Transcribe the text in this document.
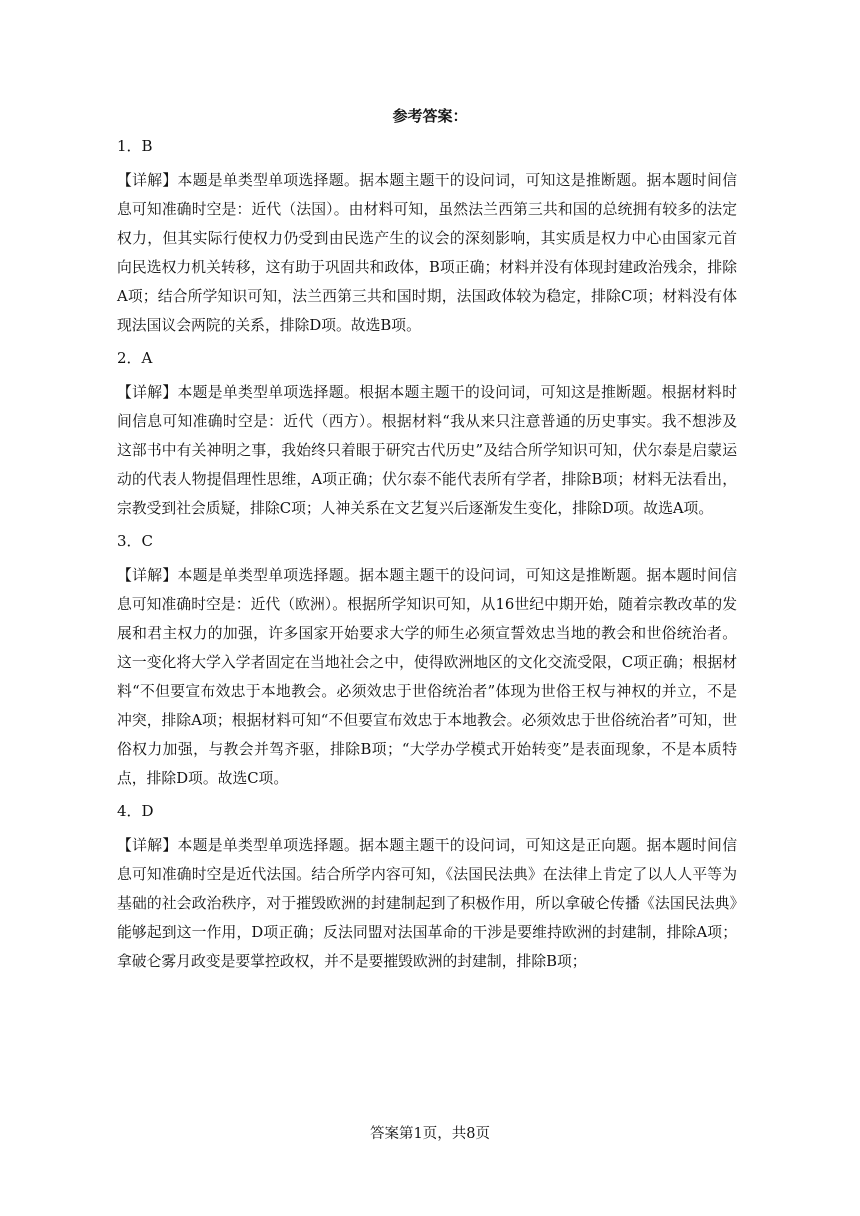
参考答案：
1．B
【详解】本题是单类型单项选择题。据本题主题干的设问词，可知这是推断题。据本题时间信息可知准确时空是：近代（法国）。由材料可知，虽然法兰西第三共和国的总统拥有较多的法定权力，但其实际行使权力仍受到由民选产生的议会的深刻影响，其实质是权力中心由国家元首向民选权力机关转移，这有助于巩固共和政体，B项正确；材料并没有体现封建政治残余，排除A项；结合所学知识可知，法兰西第三共和国时期，法国政体较为稳定，排除C项；材料没有体现法国议会两院的关系，排除D项。故选B项。
2．A
【详解】本题是单类型单项选择题。根据本题主题干的设问词，可知这是推断题。根据材料时间信息可知准确时空是：近代（西方）。根据材料“我从来只注意普通的历史事实。我不想涉及这部书中有关神明之事，我始终只着眼于研究古代历史”及结合所学知识可知，伏尔泰是启蒙运动的代表人物提倡理性思维，A项正确；伏尔泰不能代表所有学者，排除B项；材料无法看出，宗教受到社会质疑，排除C项；人神关系在文艺复兴后逐渐发生变化，排除D项。故选A项。
3．C
【详解】本题是单类型单项选择题。据本题主题干的设问词，可知这是推断题。据本题时间信息可知准确时空是：近代（欧洲）。根据所学知识可知，从16世纪中期开始，随着宗教改革的发展和君主权力的加强，许多国家开始要求大学的师生必须宣誓效忠当地的教会和世俗统治者。这一变化将大学入学者固定在当地社会之中，使得欧洲地区的文化交流受限，C项正确；根据材料“不但要宣布效忠于本地教会。必须效忠于世俗统治者”体现为世俗王权与神权的并立，不是冲突，排除A项；根据材料可知“不但要宣布效忠于本地教会。必须效忠于世俗统治者”可知，世俗权力加强，与教会并驾齐驱，排除B项；“大学办学模式开始转变”是表面现象，不是本质特点，排除D项。故选C项。
4．D
【详解】本题是单类型单项选择题。据本题主题干的设问词，可知这是正向题。据本题时间信息可知准确时空是近代法国。结合所学内容可知，《法国民法典》在法律上肯定了以人人平等为基础的社会政治秩序，对于摧毁欧洲的封建制起到了积极作用，所以拿破仑传播《法国民法典》能够起到这一作用，D项正确；反法同盟对法国革命的干涉是要维持欧洲的封建制，排除A项；拿破仑雾月政变是要掌控政权，并不是要摧毁欧洲的封建制，排除B项；
答案第1页，共8页
